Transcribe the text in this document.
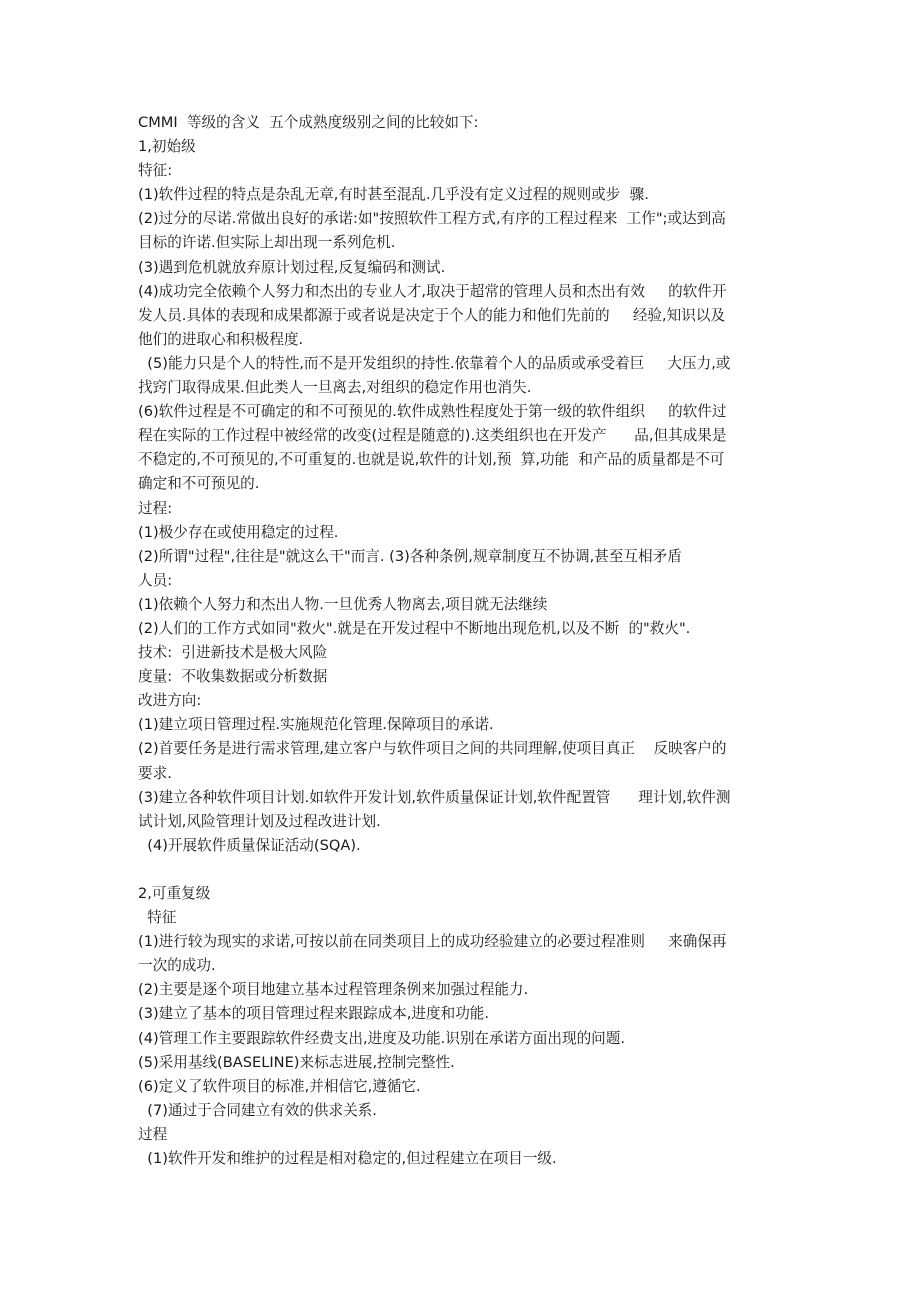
CMMI  等级的含义  五个成熟度级别之间的比较如下:
1,初始级
特征:
(1)软件过程的特点是杂乱无章,有时甚至混乱.几乎没有定义过程的规则或步  骤.
(2)过分的尽诺.常做出良好的承诺:如"按照软件工程方式,有序的工程过程来  工作";或达到高
目标的许诺.但实际上却出现一系列危机.
(3)遇到危机就放弃原计划过程,反复编码和测试.
(4)成功完全依赖个人努力和杰出的专业人才,取决于超常的管理人员和杰出有效     的软件开
发人员.具体的表现和成果都源于或者说是决定于个人的能力和他们先前的     经验,知识以及
他们的进取心和积极程度.
(5)能力只是个人的特性,而不是开发组织的持性.依靠着个人的品质或承受着巨     大压力,或
找窍门取得成果.但此类人一旦离去,对组织的稳定作用也消失.
(6)软件过程是不可确定的和不可预见的.软件成熟性程度处于第一级的软件组织     的软件过
程在实际的工作过程中被经常的改变(过程是随意的).这类组织也在开发产      品,但其成果是
不稳定的,不可预见的,不可重复的.也就是说,软件的计划,预  算,功能  和产品的质量都是不可
确定和不可预见的.
过程:
(1)极少存在或使用稳定的过程.
(2)所谓"过程",往往是"就这么干"而言. (3)各种条例,规章制度互不协调,甚至互相矛盾
人员:
(1)依赖个人努力和杰出人物.一旦优秀人物离去,项目就无法继续
(2)人们的工作方式如同"救火".就是在开发过程中不断地出现危机,以及不断  的"救火".
技术:  引进新技术是极大风险
度量:  不收集数据或分析数据
改进方向:
(1)建立项日管理过程.实施规范化管理.保障项目的承诺.
(2)首要任务是进行需求管理,建立客户与软件项目之间的共同理解,使项目真正    反映客户的
要求.
(3)建立各种软件项目计划.如软件开发计划,软件质量保证计划,软件配置管      理计划,软件测
试计划,风险管理计划及过程改进计划.
(4)开展软件质量保证活动(SQA).
2,可重复级
特征
(1)进行较为现实的求诺,可按以前在同类项目上的成功经验建立的必要过程准则     来确保再
一次的成功.
(2)主要是逐个项目地建立基本过程管理条例来加强过程能力.
(3)建立了基本的项目管理过程来跟踪成本,进度和功能.
(4)管理工作主要跟踪软件经费支出,进度及功能.识别在承诺方面出现的问题.
(5)采用基线(BASELINE)来标志进展,控制完整性.
(6)定义了软件项目的标准,并相信它,遵循它.
(7)通过于合同建立有效的供求关系.
过程
(1)软件开发和维护的过程是相对稳定的,但过程建立在项目一级.
